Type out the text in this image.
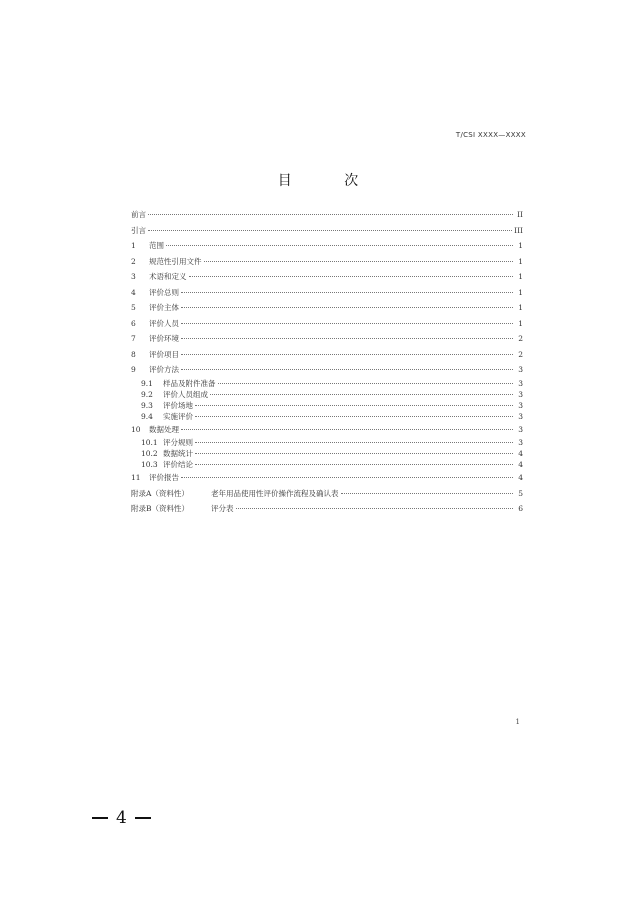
T/CSI XXXX—XXXX
目 次
前言	II
引言	III
1	范围	1
2	规范性引用文件	1
3	术语和定义	1
4	评价总则	1
5	评价主体	1
6	评价人员	1
7	评价环境	2
8	评价项目	2
9	评价方法	3
9.1	样品及附件准备	3
9.2	评价人员组成	3
9.3	评价场地	3
9.4	实施评价	3
10	数据处理	3
10.1 评分规则	3
10.2 数据统计	4
10.3 评价结论	4
11	评价报告	4
附录A（资料性）	老年用品使用性评价操作流程及确认表	5
附录B（资料性）	评分表	6
1
4
